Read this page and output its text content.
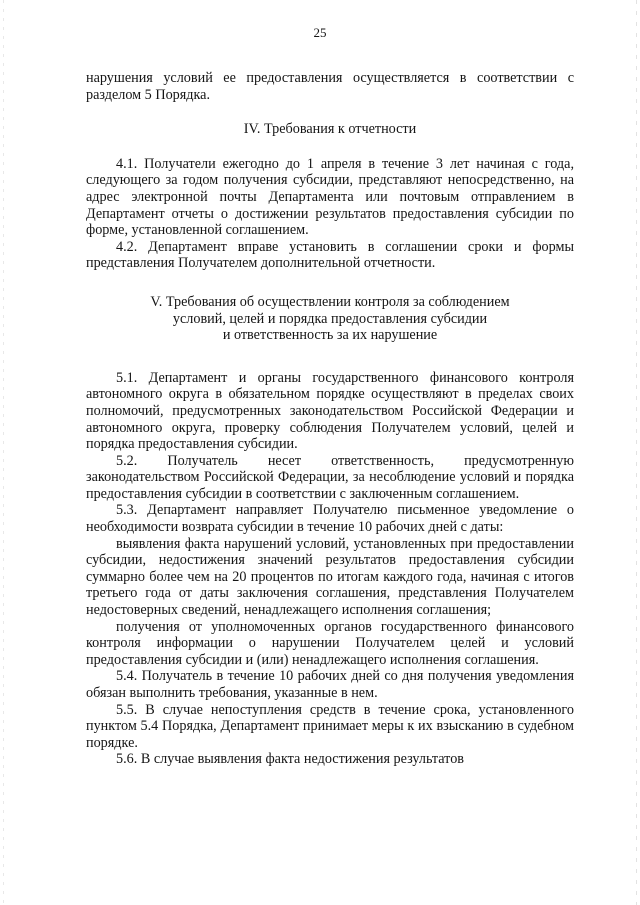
25

нарушения условий ее предоставления осуществляется в соответствии с разделом 5 Порядка.

IV. Требования к отчетности

4.1. Получатели ежегодно до 1 апреля в течение 3 лет начиная с года, следующего за годом получения субсидии, представляют непосредственно, на адрес электронной почты Департамента или почтовым отправлением в Департамент отчеты о достижении результатов предоставления субсидии по форме, установленной соглашением.

4.2. Департамент вправе установить в соглашении сроки и формы представления Получателем дополнительной отчетности.

V. Требования об осуществлении контроля за соблюдением

условий, целей и порядка предоставления субсидии

и ответственность за их нарушение

5.1. Департамент и органы государственного финансового контроля автономного округа в обязательном порядке осуществляют в пределах своих полномочий, предусмотренных законодательством Российской Федерации и автономного округа, проверку соблюдения Получателем условий, целей и порядка предоставления субсидии.

5.2. Получатель несет ответственность, предусмотренную законодательством Российской Федерации, за несоблюдение условий и порядка предоставления субсидии в соответствии с заключенным соглашением.

5.3. Департамент направляет Получателю письменное уведомление о необходимости возврата субсидии в течение 10 рабочих дней с даты:

выявления факта нарушений условий, установленных при предоставлении субсидии, недостижения значений результатов предоставления субсидии суммарно более чем на 20 процентов по итогам каждого года, начиная с итогов третьего года от даты заключения соглашения, представления Получателем недостоверных сведений, ненадлежащего исполнения соглашения;

получения от уполномоченных органов государственного финансового контроля информации о нарушении Получателем целей и условий предоставления субсидии и (или) ненадлежащего исполнения соглашения.

5.4. Получатель в течение 10 рабочих дней со дня получения уведомления обязан выполнить требования, указанные в нем.

5.5. В случае непоступления средств в течение срока, установленного пунктом 5.4 Порядка, Департамент принимает меры к их взысканию в судебном порядке.

5.6. В случае выявления факта недостижения результатов
